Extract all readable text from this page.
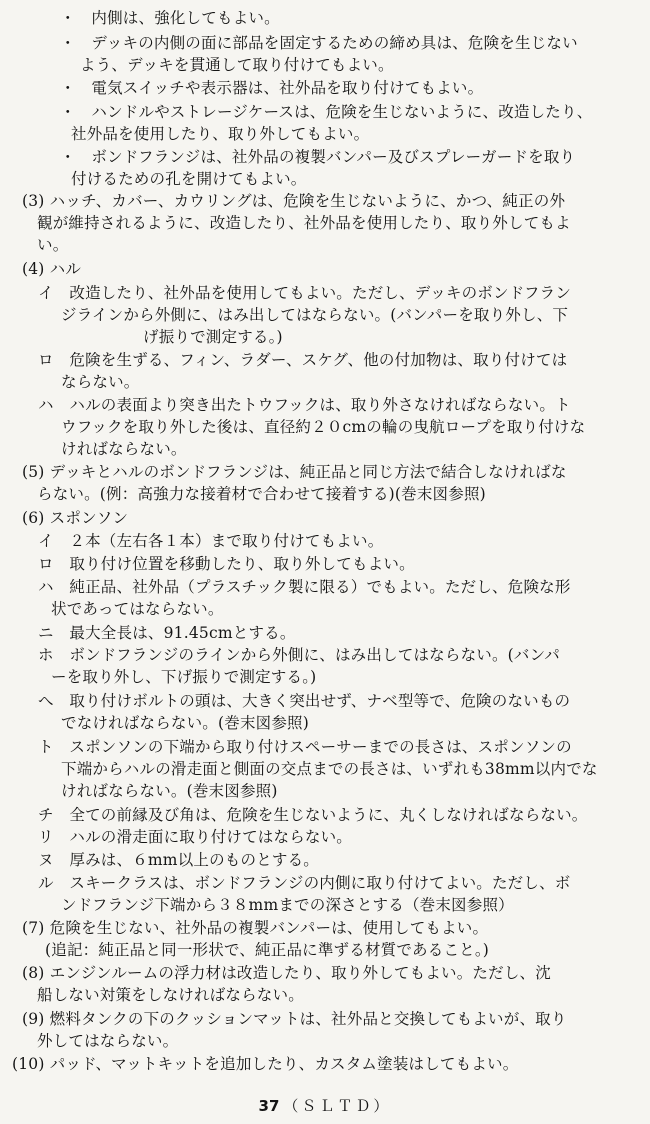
・　内側は、強化してもよい。
・　デッキの内側の面に部品を固定するための締め具は、危険を生じない
よう、デッキを貫通して取り付けてもよい。
・　電気スイッチや表示器は、社外品を取り付けてもよい。
・　ハンドルやストレージケースは、危険を生じないように、改造したり、
社外品を使用したり、取り外してもよい。
・　ボンドフランジは、社外品の複製バンパー及びスプレーガードを取り
付けるための孔を開けてもよい。
(3) ハッチ、カバー、カウリングは、危険を生じないように、かつ、純正の外
観が維持されるように、改造したり、社外品を使用したり、取り外してもよ
い。
(4) ハル
イ　改造したり、社外品を使用してもよい。ただし、デッキのボンドフラン
ジラインから外側に、はみ出してはならない。(バンパーを取り外し、下
げ振りで測定する。)
ロ　危険を生ずる、フィン、ラダー、スケグ、他の付加物は、取り付けては
ならない。
ハ　ハルの表面より突き出たトウフックは、取り外さなければならない。ト
ウフックを取り外した後は、直径約２０cmの輪の曳航ロープを取り付けな
ければならない。
(5) デッキとハルのボンドフランジは、純正品と同じ方法で結合しなければな
らない。(例：高強力な接着材で合わせて接着する)(巻末図参照)
(6) スポンソン
イ　２本（左右各１本）まで取り付けてもよい。
ロ　取り付け位置を移動したり、取り外してもよい。
ハ　純正品、社外品（プラスチック製に限る）でもよい。ただし、危険な形
状であってはならない。
ニ　最大全長は、91.45cmとする。
ホ　ボンドフランジのラインから外側に、はみ出してはならない。(バンパ
ーを取り外し、下げ振りで測定する。)
へ　取り付けボルトの頭は、大きく突出せず、ナベ型等で、危険のないもの
でなければならない。(巻末図参照)
ト　スポンソンの下端から取り付けスペーサーまでの長さは、スポンソンの
下端からハルの滑走面と側面の交点までの長さは、いずれも38mm以内でな
ければならない。(巻末図参照)
チ　全ての前縁及び角は、危険を生じないように、丸くしなければならない。
リ　ハルの滑走面に取り付けてはならない。
ヌ　厚みは、６mm以上のものとする。
ル　スキークラスは、ボンドフランジの内側に取り付けてよい。ただし、ボ
ンドフランジ下端から３８mmまでの深さとする（巻末図参照）
(7) 危険を生じない、社外品の複製バンパーは、使用してもよい。
(追記：純正品と同一形状で、純正品に準ずる材質であること。)
(8) エンジンルームの浮力材は改造したり、取り外してもよい。ただし、沈
船しない対策をしなければならない。
(9) 燃料タンクの下のクッションマットは、社外品と交換してもよいが、取り
外してはならない。
(10) パッド、マットキットを追加したり、カスタム塗装はしてもよい。
37 （ＳＬＴＤ）
